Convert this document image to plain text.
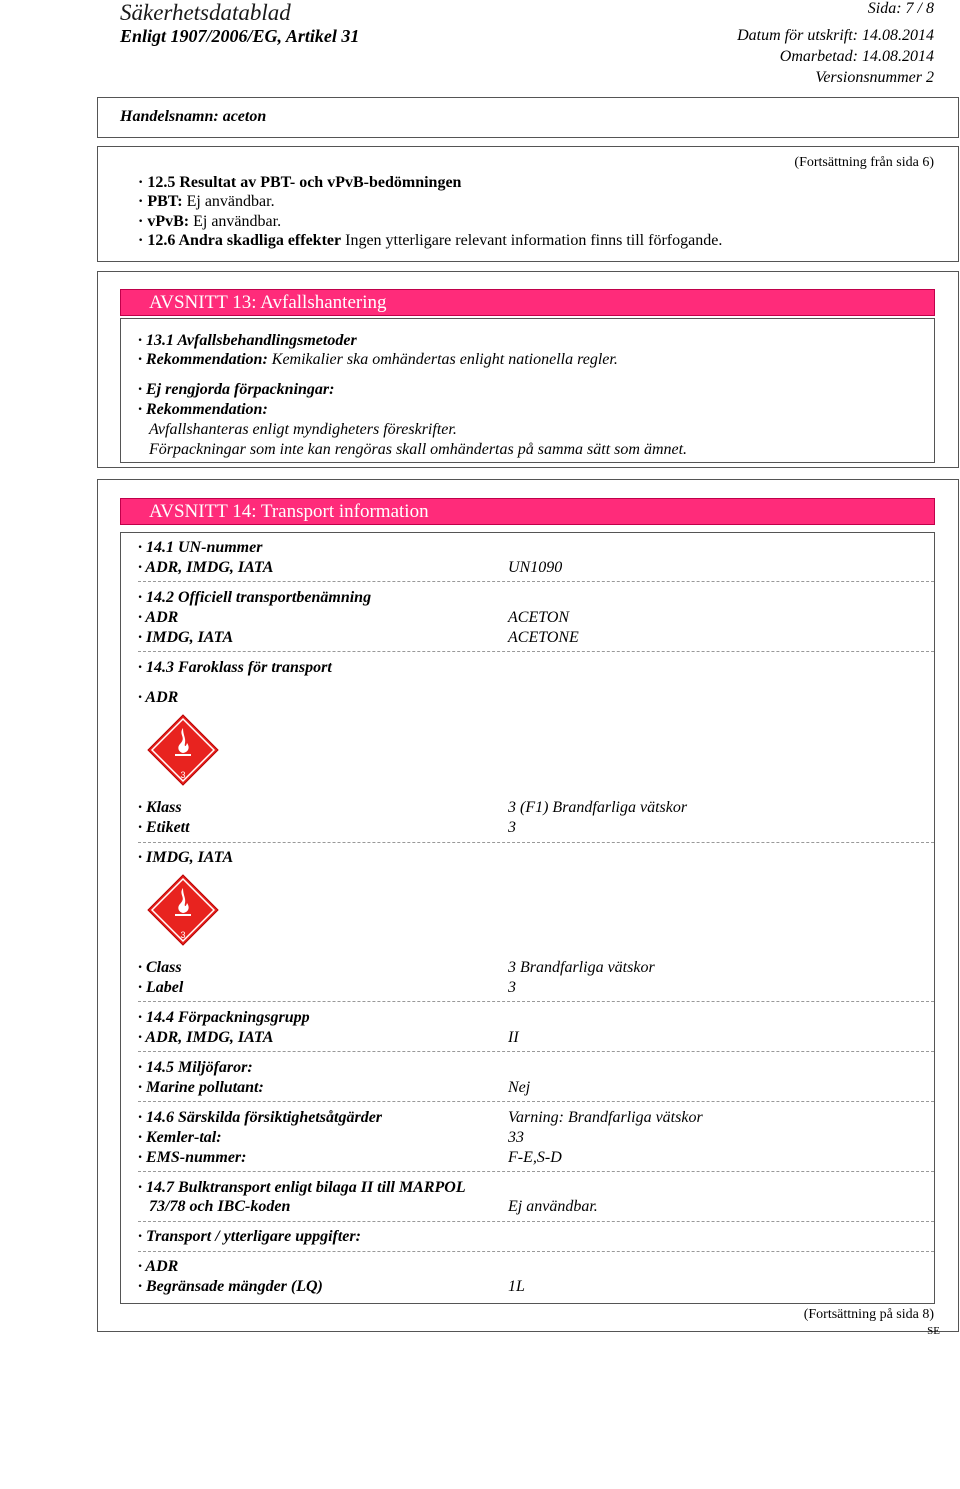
Säkerhetsdatablad
Enligt 1907/2006/EG, Artikel 31
Sida: 7 / 8
Datum för utskrift: 14.08.2014
Omarbetad: 14.08.2014
Versionsnummer 2
Handelsnamn: aceton
(Fortsättning från sida 6)
· 12.5 Resultat av PBT- och vPvB-bedömningen
· PBT: Ej användbar.
· vPvB: Ej användbar.
· 12.6 Andra skadliga effekter Ingen ytterligare relevant information finns till förfogande.
AVSNITT 13: Avfallshantering
· 13.1 Avfallsbehandlingsmetoder
· Rekommendation: Kemikalier ska omhändertas enlight nationella regler.
· Ej rengjorda förpackningar:
· Rekommendation:
Avfallshanteras enligt myndigheters föreskrifter.
Förpackningar som inte kan rengöras skall omhändertas på samma sätt som ämnet.
AVSNITT 14: Transport information
· 14.1 UN-nummer
· ADR, IMDG, IATA	UN1090
· 14.2 Officiell transportbenämning
· ADR	ACETON
· IMDG, IATA	ACETONE
· 14.3 Faroklass för transport
· ADR
3
· Klass	3 (F1) Brandfarliga vätskor
· Etikett	3
· IMDG, IATA
3
· Class	3 Brandfarliga vätskor
· Label	3
· 14.4 Förpackningsgrupp
· ADR, IMDG, IATA	II
· 14.5 Miljöfaror:
· Marine pollutant:	Nej
· 14.6 Särskilda försiktighetsåtgärder	Varning: Brandfarliga vätskor
· Kemler-tal:	33
· EMS-nummer:	F-E,S-D
· 14.7 Bulktransport enligt bilaga II till MARPOL
73/78 och IBC-koden	Ej användbar.
· Transport / ytterligare uppgifter:
· ADR
· Begränsade mängder (LQ)	1L
(Fortsättning på sida 8)
SE
